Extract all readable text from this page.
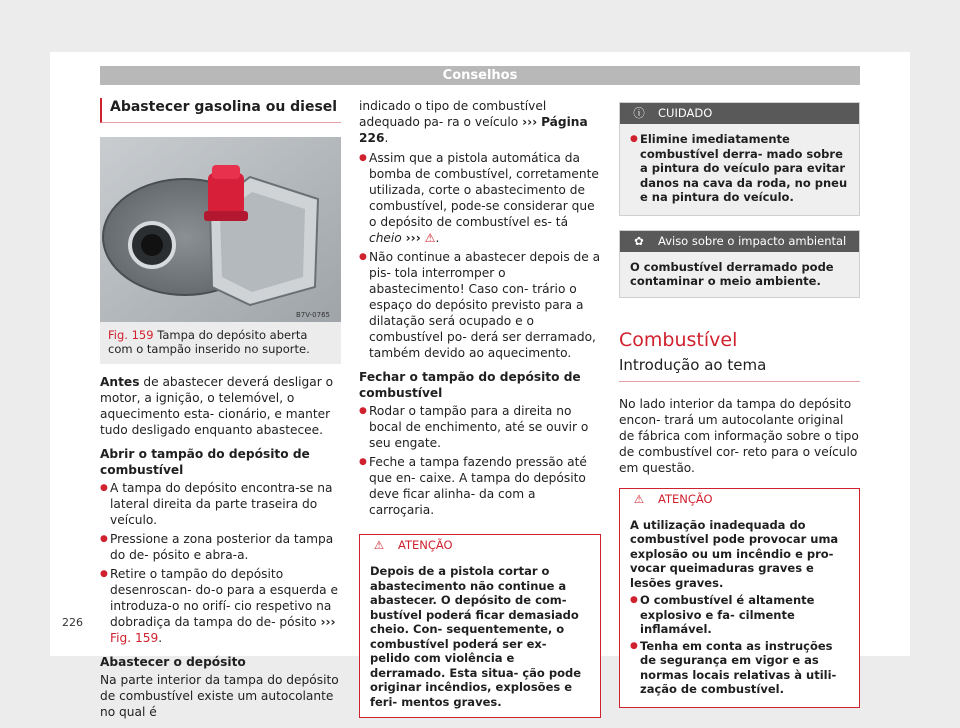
Conselhos
Abastecer gasolina ou diesel
B7V-0765
Fig. 159 Tampa do depósito aberta com o tampão inserido no suporte.

Antes de abastecer deverá desligar o motor, a ignição, o telemóvel, o aquecimento esta- cionário, e manter tudo desligado enquanto abastecee.

Abrir o tampão do depósito de combustível

● A tampa do depósito encontra-se na lateral direita da parte traseira do veículo.
● Pressione a zona posterior da tampa do de- pósito e abra-a.
● Retire o tampão do depósito desenroscan- do-o para a esquerda e introduza-o no orifí- cio respetivo na dobradiça da tampa do de- pósito ››› Fig. 159.

Abastecer o depósito

Na parte interior da tampa do depósito de combustível existe um autocolante no qual é

indicado o tipo de combustível adequado pa- ra o veículo ››› Página 226.

● Assim que a pistola automática da bomba de combustível, corretamente utilizada, corte o abastecimento de combustível, pode-se considerar que o depósito de combustível es- tá cheio ››› ⚠.
● Não continue a abastecer depois de a pis- tola interromper o abastecimento! Caso con- trário o espaço do depósito previsto para a dilatação será ocupado e o combustível po- derá ser derramado, também devido ao aquecimento.

Fechar o tampão do depósito de combustível

● Rodar o tampão para a direita no bocal de enchimento, até se ouvir o seu engate.
● Feche a tampa fazendo pressão até que en- caixe. A tampa do depósito deve ficar alinha- da com a carroçaria.
⚠	ATENÇÃO
Depois de a pistola cortar o abastecimento não continue a abastecer. O depósito de com- bustível poderá ficar demasiado cheio. Con- sequentemente, o combustível poderá ser ex- pelido com violência e derramado. Esta situa- ção pode originar incêndios, explosões e feri- mentos graves.
ⓘ CUIDADO
● Elimine imediatamente combustível derra- mado sobre a pintura do veículo para evitar danos na cava da roda, no pneu e na pintura do veículo.
✿	Aviso sobre o impacto ambiental
O combustível derramado pode contaminar o meio ambiente.
Combustível
Introdução ao tema

No lado interior da tampa do depósito encon- trará um autocolante original de fábrica com informação sobre o tipo de combustível cor- reto para o veículo em questão.

⚠	ATENÇÃO
A utilização inadequada do combustível pode provocar uma explosão ou um incêndio e pro- vocar queimaduras graves e lesões graves.
● O combustível é altamente explosivo e fa- cilmente inflamável.
● Tenha em conta as instruções de segurança em vigor e as normas locais relativas à utili- zação de combustível.
226
